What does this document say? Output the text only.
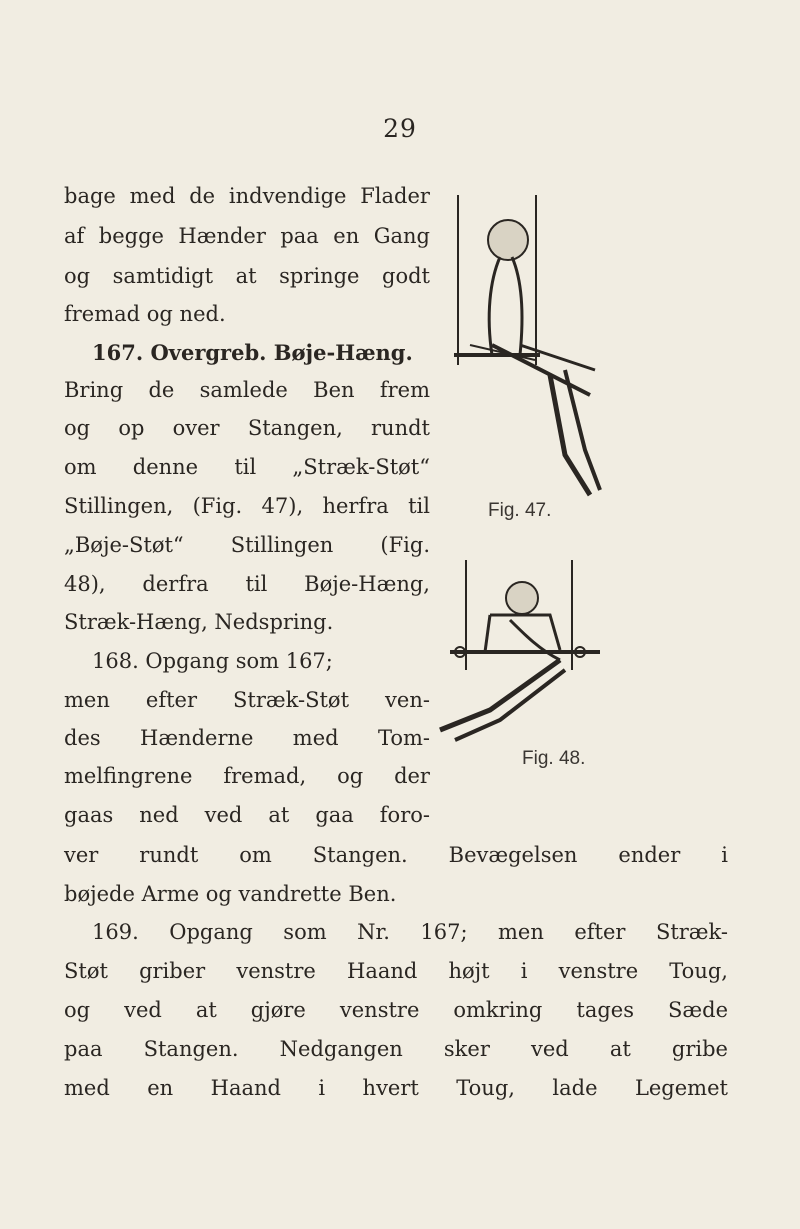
29
bage med de indvendige Flader
af begge Hænder paa en Gang
og samtidigt at springe godt
fremad og ned.
167. Overgreb. Bøje-Hæng.
Bring de samlede Ben frem
og op over Stangen, rundt
om denne til „Stræk-Støt“
Stillingen, (Fig. 47), herfra til
„Bøje-Støt“ Stillingen (Fig.
48), derfra til Bøje-Hæng,
Stræk-Hæng, Nedspring.
168. Opgang som 167;
men efter Stræk-Støt ven-
des Hænderne med Tom-
melfingrene fremad, og der
gaas ned ved at gaa foro-
ver rundt om Stangen. Bevægelsen ender i
bøjede Arme og vandrette Ben.
169. Opgang som Nr. 167; men efter Stræk-
Støt griber venstre Haand højt i venstre Toug,
og ved at gjøre venstre omkring tages Sæde
paa Stangen. Nedgangen sker ved at gribe
med en Haand i hvert Toug, lade Legemet
Fig. 47.
Fig. 48.
